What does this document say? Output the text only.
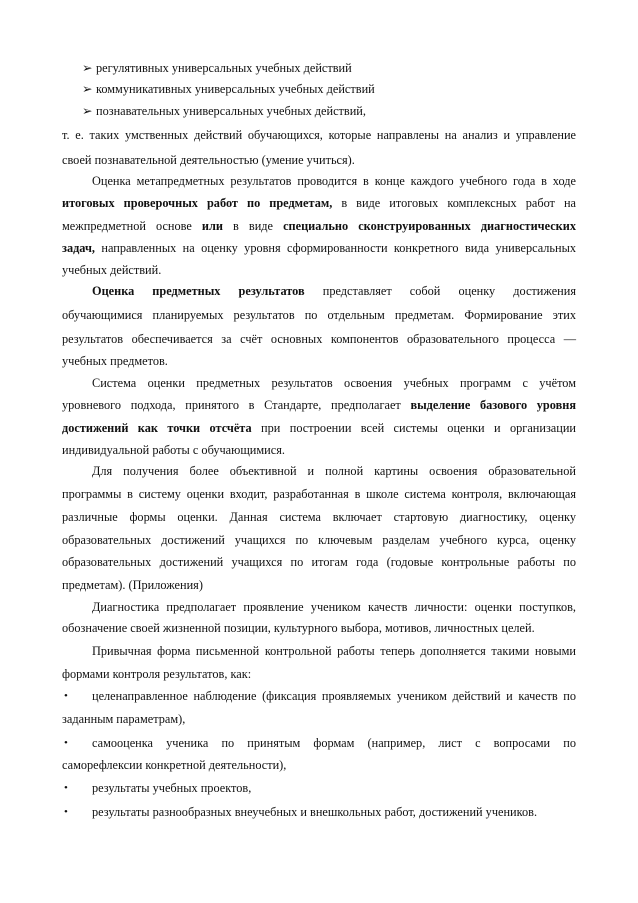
➢ регулятивных универсальных учебных действий
➢ коммуникативных универсальных учебных действий
➢ познавательных универсальных учебных действий,
т. е. таких умственных действий обучающихся, которые направлены на анализ и управление
своей познавательной деятельностью (умение учиться).
Оценка метапредметных результатов проводится в конце каждого учебного года в ходе
итоговых проверочных работ по предметам, в виде итоговых комплексных работ на
межпредметной основе или в виде специально сконструированных диагностических
задач, направленных на оценку уровня сформированности конкретного вида универсальных
учебных действий.
Оценка предметных результатов представляет собой оценку достижения
обучающимися планируемых результатов по отдельным предметам. Формирование этих
результатов обеспечивается за счёт основных компонентов образовательного процесса —
учебных предметов.
Система оценки предметных результатов освоения учебных программ с учётом
уровневого подхода, принятого в Стандарте, предполагает выделение базового уровня
достижений как точки отсчёта при построении всей системы оценки и организации
индивидуальной работы с обучающимися.
Для получения более объективной и полной картины освоения образовательной
программы в систему оценки входит, разработанная в школе система контроля, включающая
различные формы оценки. Данная система включает стартовую диагностику, оценку
образовательных достижений учащихся по ключевым разделам учебного курса, оценку
образовательных достижений учащихся по итогам года (годовые контрольные работы по
предметам). (Приложения)
Диагностика предполагает проявление учеником качеств личности: оценки поступков,
обозначение своей жизненной позиции, культурного выбора, мотивов, личностных целей.
Привычная форма письменной контрольной работы теперь дополняется такими новыми
формами контроля результатов, как:
• целенаправленное наблюдение (фиксация проявляемых учеником действий и качеств по
заданным параметрам),
• самооценка ученика по принятым формам (например, лист с вопросами по
саморефлексии конкретной деятельности),
• результаты учебных проектов,
• результаты разнообразных внеучебных и внешкольных работ, достижений учеников.
